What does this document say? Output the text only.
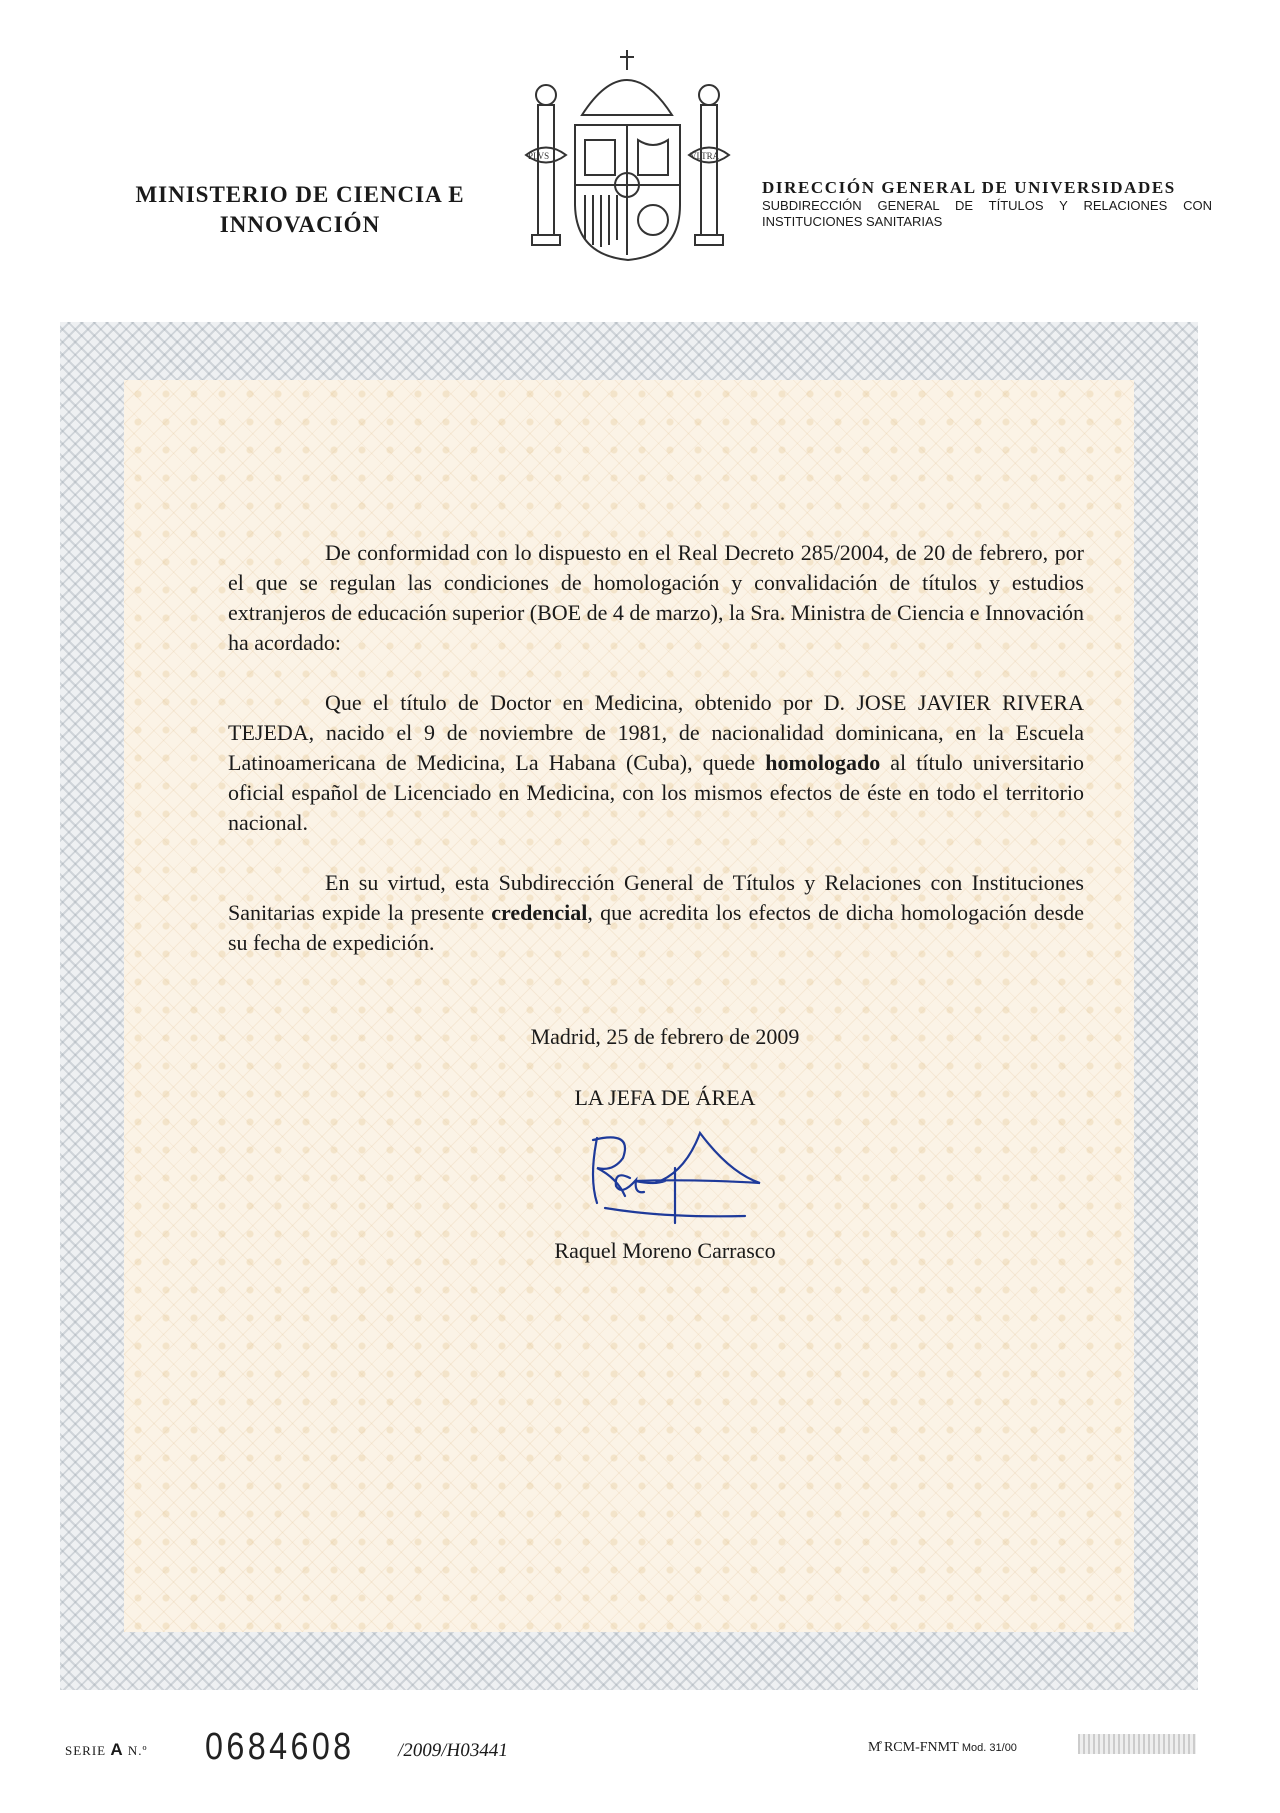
MINISTERIO DE CIENCIA E INNOVACIÓN
PLVS	VLTRA
DIRECCIÓN GENERAL DE UNIVERSIDADES
SUBDIRECCIÓN GENERAL DE TÍTULOS Y RELACIONES CON INSTITUCIONES SANITARIAS

De conformidad con lo dispuesto en el Real Decreto 285/2004, de 20 de febrero, por el que se regulan las condiciones de homologación y convalidación de títulos y estudios extranjeros de educación superior (BOE de 4 de marzo), la Sra. Ministra de Ciencia e Innovación ha acordado:

Que el título de Doctor en Medicina, obtenido por D. JOSE JAVIER RIVERA TEJEDA, nacido el 9 de noviembre de 1981, de nacionalidad dominicana, en la Escuela Latinoamericana de Medicina, La Habana (Cuba), quede homologado al título universitario oficial español de Licenciado en Medicina, con los mismos efectos de éste en todo el territorio nacional.

En su virtud, esta Subdirección General de Títulos y Relaciones con Instituciones Sanitarias expide la presente credencial, que acredita los efectos de dicha homologación desde su fecha de expedición.

Madrid, 25 de febrero de 2009
LA JEFA DE ÁREA
Raquel Moreno Carrasco
SERIE A N.º 0684608 /2009/H03441	M̊ RCM-FNMT Mod. 31/00
